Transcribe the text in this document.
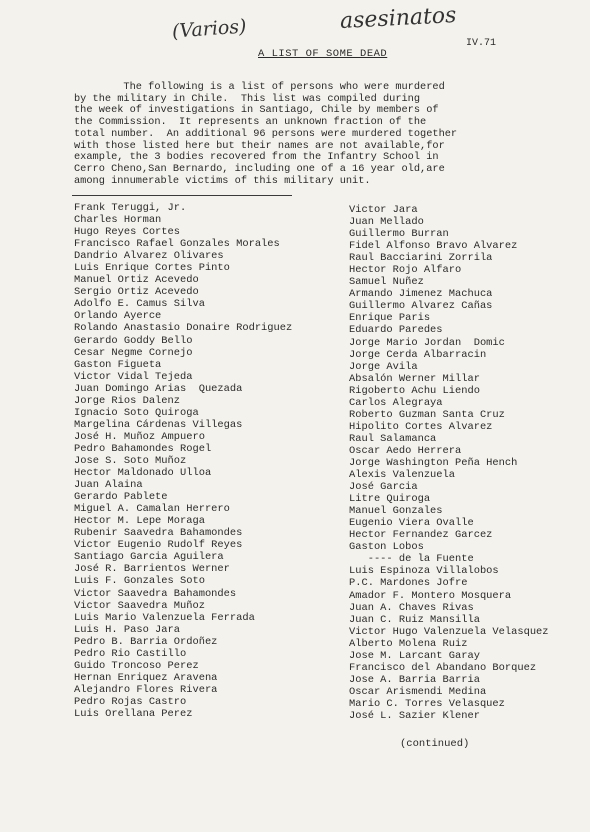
(Varios)	asesinatos
IV.71
A LIST OF SOME DEAD
The following is a list of persons who were murdered
by the military in Chile.  This list was compiled during
the week of investigations in Santiago, Chile by members of
the Commission.  It represents an unknown fraction of the
total number.  An additional 96 persons were murdered together
with those listed here but their names are not available,for
example, the 3 bodies recovered from the Infantry School in
Cerro Cheno,San Bernardo, including one of a 16 year old,are
among innumerable victims of this military unit.
Frank Teruggi, Jr.
Charles Horman
Hugo Reyes Cortes
Francisco Rafael Gonzales Morales
Dandrio Alvarez Olivares
Luis Enrique Cortes Pinto
Manuel Ortiz Acevedo
Sergio Ortiz Acevedo
Adolfo E. Camus Silva
Orlando Ayerce
Rolando Anastasio Donaire Rodriguez
Gerardo Goddy Bello
Cesar Negme Cornejo
Gaston Figueta
Victor Vidal Tejeda
Juan Domingo Arias  Quezada
Jorge Rios Dalenz
Ignacio Soto Quiroga
Margelina Cárdenas Villegas
José H. Muñoz Ampuero
Pedro Bahamondes Rogel
Jose S. Soto Muñoz
Hector Maldonado Ulloa
Juan Alaina
Gerardo Pablete
Miguel A. Camalan Herrero
Hector M. Lepe Moraga
Rubenir Saavedra Bahamondes
Victor Eugenio Rudolf Reyes
Santiago Garcia Aguilera
José R. Barrientos Werner
Luis F. Gonzales Soto
Victor Saavedra Bahamondes
Victor Saavedra Muñoz
Luis Mario Valenzuela Ferrada
Luis H. Paso Jara
Pedro B. Barria Ordoñez
Pedro Rio Castillo
Guido Troncoso Perez
Hernan Enriquez Aravena
Alejandro Flores Rivera
Pedro Rojas Castro
Luis Orellana Perez
Victor Jara
Juan Mellado
Guillermo Burran
Fidel Alfonso Bravo Alvarez
Raul Bacciarini Zorrila
Hector Rojo Alfaro
Samuel Nuñez
Armando Jimenez Machuca
Guillermo Alvarez Cañas
Enrique Paris
Eduardo Paredes
Jorge Mario Jordan  Domic
Jorge Cerda Albarracin
Jorge Avila
Absalón Werner Millar
Rigoberto Achu Liendo
Carlos Alegraya
Roberto Guzman Santa Cruz
Hipolito Cortes Alvarez
Raul Salamanca
Oscar Aedo Herrera
Jorge Washington Peña Hench
Alexis Valenzuela
José Garcia
Litre Quiroga
Manuel Gonzales
Eugenio Viera Ovalle
Hector Fernandez Garcez
Gaston Lobos
---- de la Fuente
Luis Espinoza Villalobos
P.C. Mardones Jofre
Amador F. Montero Mosquera
Juan A. Chaves Rivas
Juan C. Ruiz Mansilla
Victor Hugo Valenzuela Velasquez
Alberto Molena Ruiz
Jose M. Larcant Garay
Francisco del Abandano Borquez
Jose A. Barria Barria
Oscar Arismendi Medina
Mario C. Torres Velasquez
José L. Sazier Klener
(continued)
